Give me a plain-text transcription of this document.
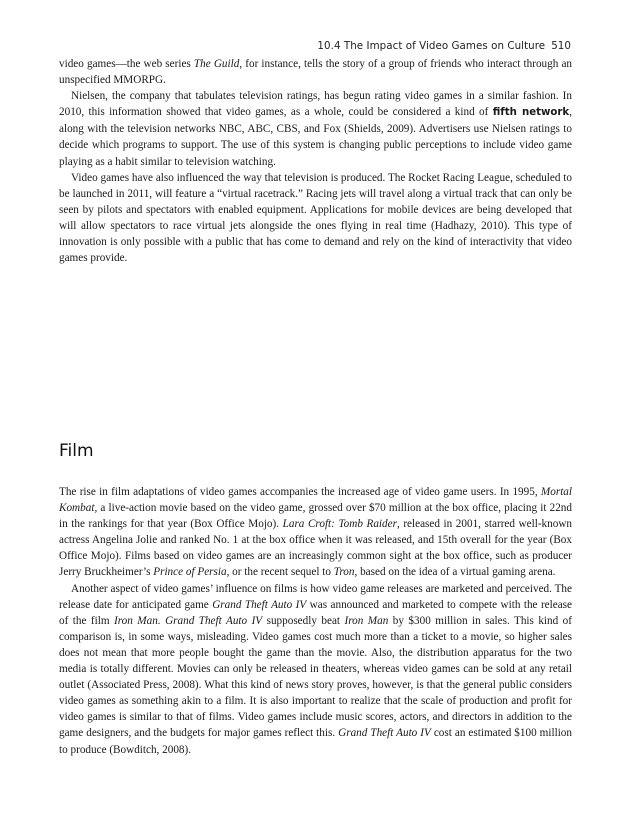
10.4 The Impact of Video Games on Culture 510

video games—the web series The Guild, for instance, tells the story of a group of friends who interact through an unspecified MMORPG.

Nielsen, the company that tabulates television ratings, has begun rating video games in a similar fashion. In 2010, this information showed that video games, as a whole, could be considered a kind of fifth network, along with the television networks NBC, ABC, CBS, and Fox (Shields, 2009). Advertisers use Nielsen ratings to decide which programs to support. The use of this system is changing public perceptions to include video game playing as a habit similar to television watching.

Video games have also influenced the way that television is produced. The Rocket Racing League, scheduled to be launched in 2011, will feature a “virtual racetrack.” Racing jets will travel along a virtual track that can only be seen by pilots and spectators with enabled equipment. Applications for mobile devices are being developed that will allow spectators to race virtual jets alongside the ones flying in real time (Hadhazy, 2010). This type of innovation is only possible with a public that has come to demand and rely on the kind of interactivity that video games provide.

Film

The rise in film adaptations of video games accompanies the increased age of video game users. In 1995, Mortal Kombat, a live-action movie based on the video game, grossed over $70 million at the box office, placing it 22nd in the rankings for that year (Box Office Mojo). Lara Croft: Tomb Raider, released in 2001, starred well-known actress Angelina Jolie and ranked No. 1 at the box office when it was released, and 15th overall for the year (Box Office Mojo). Films based on video games are an increasingly common sight at the box office, such as producer Jerry Bruckheimer’s Prince of Persia, or the recent sequel to Tron, based on the idea of a virtual gaming arena.

Another aspect of video games’ influence on films is how video game releases are marketed and perceived. The release date for anticipated game Grand Theft Auto IV was announced and marketed to compete with the release of the film Iron Man. Grand Theft Auto IV supposedly beat Iron Man by $300 million in sales. This kind of comparison is, in some ways, misleading. Video games cost much more than a ticket to a movie, so higher sales does not mean that more people bought the game than the movie. Also, the distribution apparatus for the two media is totally different. Movies can only be released in theaters, whereas video games can be sold at any retail outlet (Associated Press, 2008). What this kind of news story proves, however, is that the general public considers video games as something akin to a film. It is also important to realize that the scale of production and profit for video games is similar to that of films. Video games include music scores, actors, and directors in addition to the game designers, and the budgets for major games reflect this. Grand Theft Auto IV cost an estimated $100 million to produce (Bowditch, 2008).
